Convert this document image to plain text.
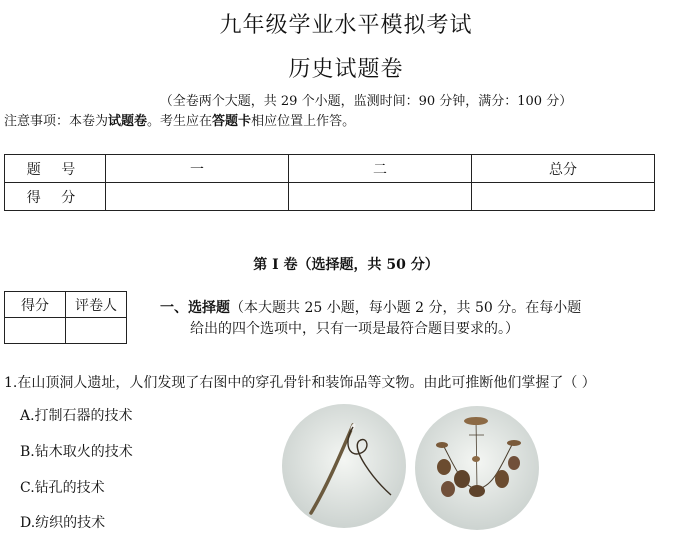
九年级学业水平模拟考试
历史试题卷
（全卷两个大题，共 29 个小题，监测时间：90 分钟，满分：100 分）
注意事项：本卷为试题卷。考生应在答题卡相应位置上作答。
题 号	一	二	总分
得 分			
第 I 卷（选择题，共 50 分）
得分	评卷人
		一、选择题（本大题共 25 小题，每小题 2 分，共 50 分。在每小题
给出的四个选项中，只有一项是最符合题目要求的。）
1.在山顶洞人遗址，人们发现了右图中的穿孔骨针和装饰品等文物。由此可推断他们掌握了（ ）
A.打制石器的技术
B.钻木取火的技术
C.钻孔的技术
D.纺织的技术
